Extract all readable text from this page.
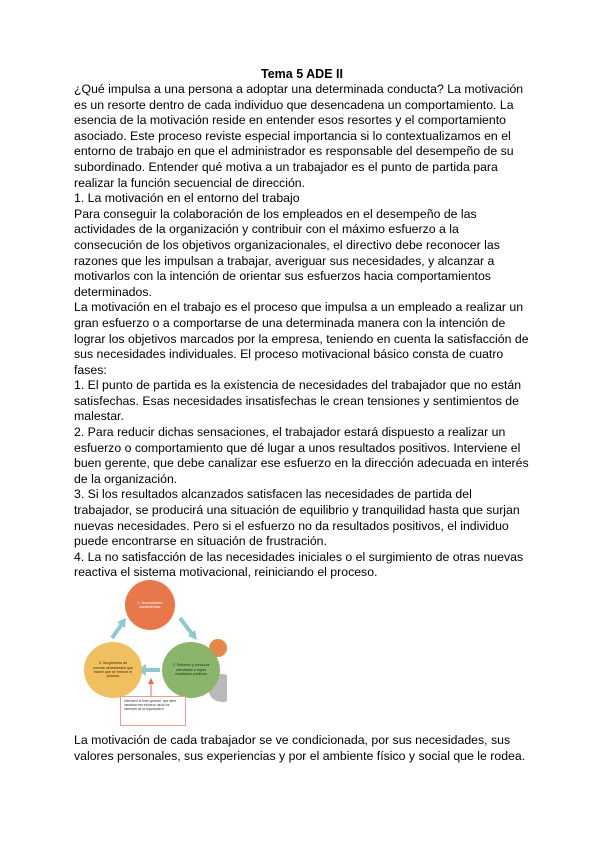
Tema 5 ADE II

¿Qué impulsa a una persona a adoptar una determinada conducta? La motivación es un resorte dentro de cada individuo que desencadena un comportamiento. La esencia de la motivación reside en entender esos resortes y el comportamiento asociado. Este proceso reviste especial importancia si lo contextualizamos en el entorno de trabajo en que el administrador es responsable del desempeño de su subordinado. Entender qué motiva a un trabajador es el punto de partida para realizar la función secuencial de dirección.

1. La motivación en el entorno del trabajo

Para conseguir la colaboración de los empleados en el desempeño de las actividades de la organización y contribuir con el máximo esfuerzo a la consecución de los objetivos organizacionales, el directivo debe reconocer las razones que les impulsan a trabajar, averiguar sus necesidades, y alcanzar a motivarlos con la intención de orientar sus esfuerzos hacia comportamientos determinados.

La motivación en el trabajo es el proceso que impulsa a un empleado a realizar un gran esfuerzo o a comportarse de una determinada manera con la intención de lograr los objetivos marcados por la empresa, teniendo en cuenta la satisfacción de sus necesidades individuales. El proceso motivacional básico consta de cuatro fases:

1. El punto de partida es la existencia de necesidades del trabajador que no están satisfechas. Esas necesidades insatisfechas le crean tensiones y sentimientos de malestar.

2. Para reducir dichas sensaciones, el trabajador estará dispuesto a realizar un esfuerzo o comportamiento que dé lugar a unos resultados positivos. Interviene el buen gerente, que debe canalizar ese esfuerzo en la dirección adecuada en interés de la organización.

3. Si los resultados alcanzados satisfacen las necesidades de partida del trabajador, se producirá una situación de equilibrio y tranquilidad hasta que surjan nuevas necesidades. Pero si el esfuerzo no da resultados positivos, el individuo puede encontrarse en situación de frustración.

4. La no satisfacción de las necesidades iniciales o el surgimiento de otras nuevas reactiva el sistema motivacional, reiniciando el proceso.

1. Necesidades insatisfechas
2. Esfuerzo y conducta orientados a lograr resultados positivos
3. Surgimiento de nuevas necesidades que hacen que se reinicie el proceso
Interviene el buen gerente, que debe canalizar ese esfuerzo hacia los intereses de la organización

La motivación de cada trabajador se ve condicionada, por sus necesidades, sus valores personales, sus experiencias y por el ambiente físico y social que le rodea.
